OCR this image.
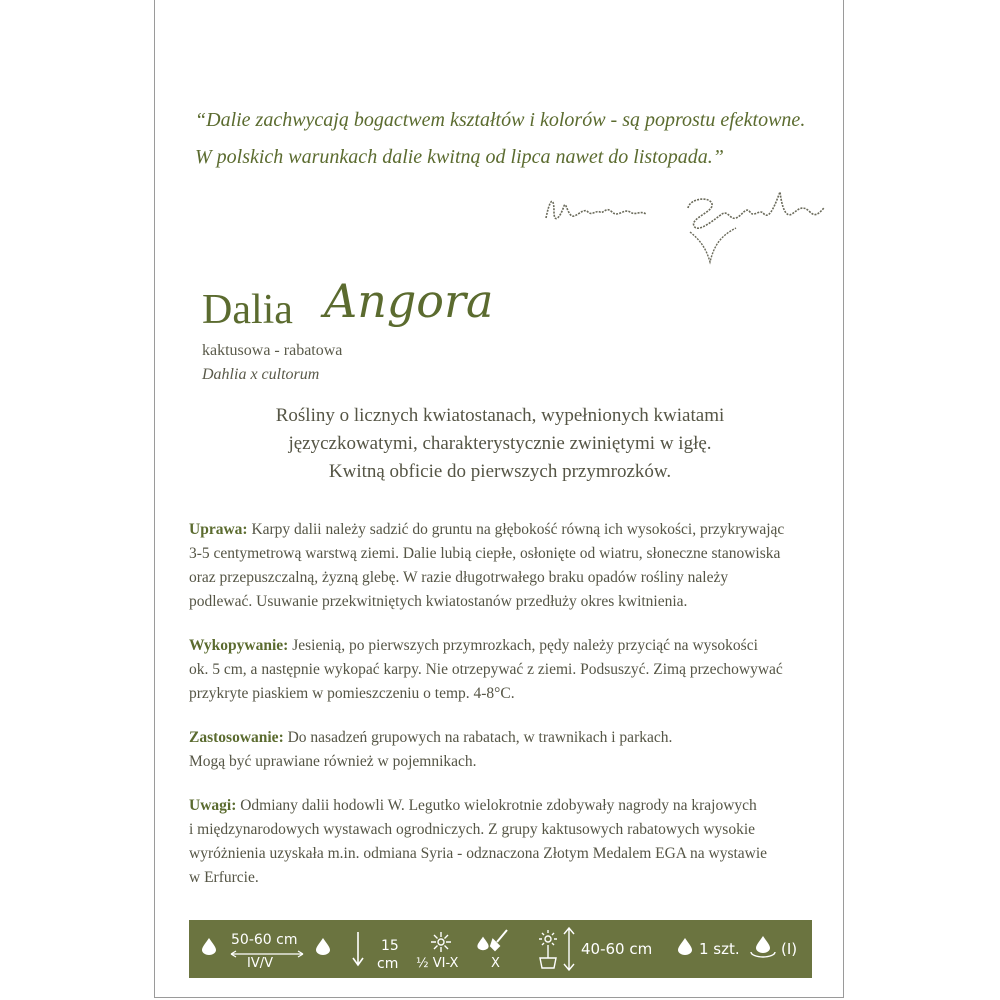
“Dalie zachwycają bogactwem kształtów i kolorów - są poprostu efektowne.
W polskich warunkach dalie kwitną od lipca nawet do listopada.”
Dalia Angora
kaktusowa - rabatowa
Dahlia x cultorum
Rośliny o licznych kwiatostanach, wypełnionych kwiatami
języczkowatymi, charakterystycznie zwiniętymi w igłę.
Kwitną obficie do pierwszych przymrozków.
Uprawa: Karpy dalii należy sadzić do gruntu na głębokość równą ich wysokości, przykrywając
3-5 centymetrową warstwą ziemi. Dalie lubią ciepłe, osłonięte od wiatru, słoneczne stanowiska
oraz przepuszczalną, żyzną glebę. W razie długotrwałego braku opadów rośliny należy
podlewać. Usuwanie przekwitniętych kwiatostanów przedłuży okres kwitnienia.
Wykopywanie: Jesienią, po pierwszych przymrozkach, pędy należy przyciąć na wysokości
ok. 5 cm, a następnie wykopać karpy. Nie otrzepywać z ziemi. Podsuszyć. Zimą przechowywać
przykryte piaskiem w pomieszczeniu o temp. 4-8°C.
Zastosowanie: Do nasadzeń grupowych na rabatach, w trawnikach i parkach.
Mogą być uprawiane również w pojemnikach.
Uwagi: Odmiany dalii hodowli W. Legutko wielokrotnie zdobywały nagrody na krajowych
i międzynarodowych wystawach ogrodniczych. Z grupy kaktusowych rabatowych wysokie
wyróżnienia uzyskała m.in. odmiana Syria - odznaczona Złotym Medalem EGA na wystawie
w Erfurcie.
50-60 cm
IV/V
15
cm ½ VI-X	X
40-60 cm	1 szt.	(I)
